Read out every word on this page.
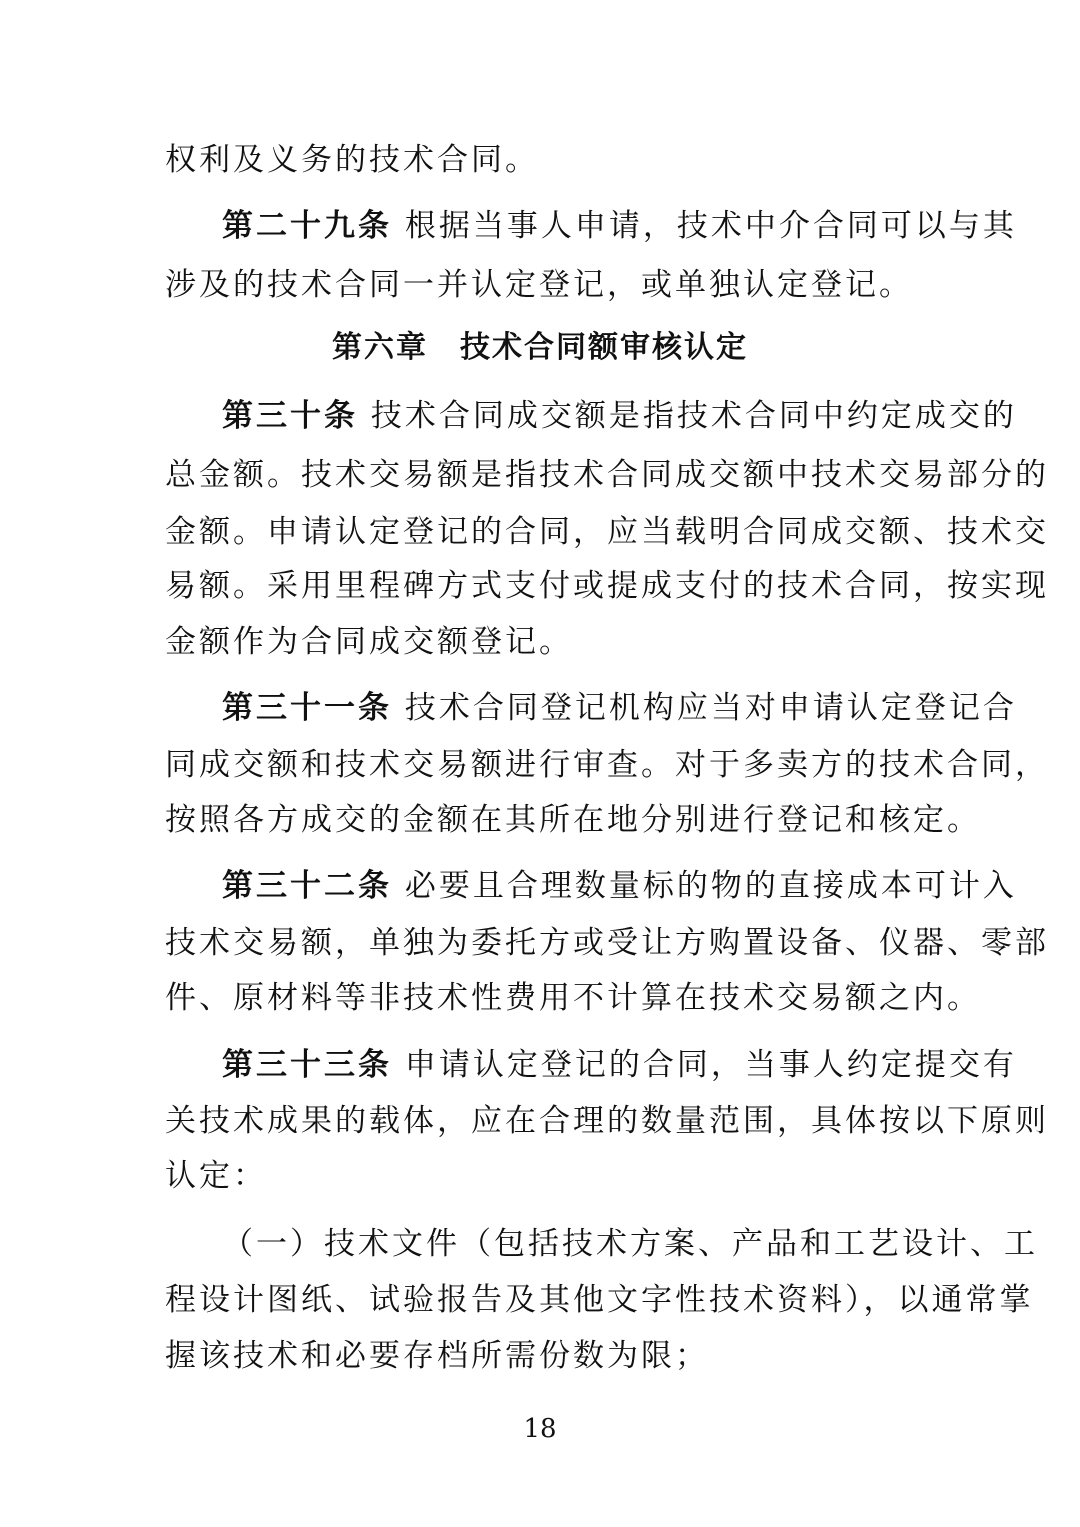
权利及义务的技术合同。
第二十九条 根据当事人申请，技术中介合同可以与其
涉及的技术合同一并认定登记，或单独认定登记。
第六章　技术合同额审核认定
第三十条 技术合同成交额是指技术合同中约定成交的
总金额。技术交易额是指技术合同成交额中技术交易部分的
金额。申请认定登记的合同，应当载明合同成交额、技术交
易额。采用里程碑方式支付或提成支付的技术合同，按实现
金额作为合同成交额登记。
第三十一条 技术合同登记机构应当对申请认定登记合
同成交额和技术交易额进行审查。对于多卖方的技术合同，
按照各方成交的金额在其所在地分别进行登记和核定。
第三十二条 必要且合理数量标的物的直接成本可计入
技术交易额，单独为委托方或受让方购置设备、仪器、零部
件、原材料等非技术性费用不计算在技术交易额之内。
第三十三条 申请认定登记的合同，当事人约定提交有
关技术成果的载体，应在合理的数量范围，具体按以下原则
认定：
（一）技术文件（包括技术方案、产品和工艺设计、工
程设计图纸、试验报告及其他文字性技术资料），以通常掌
握该技术和必要存档所需份数为限；
18
